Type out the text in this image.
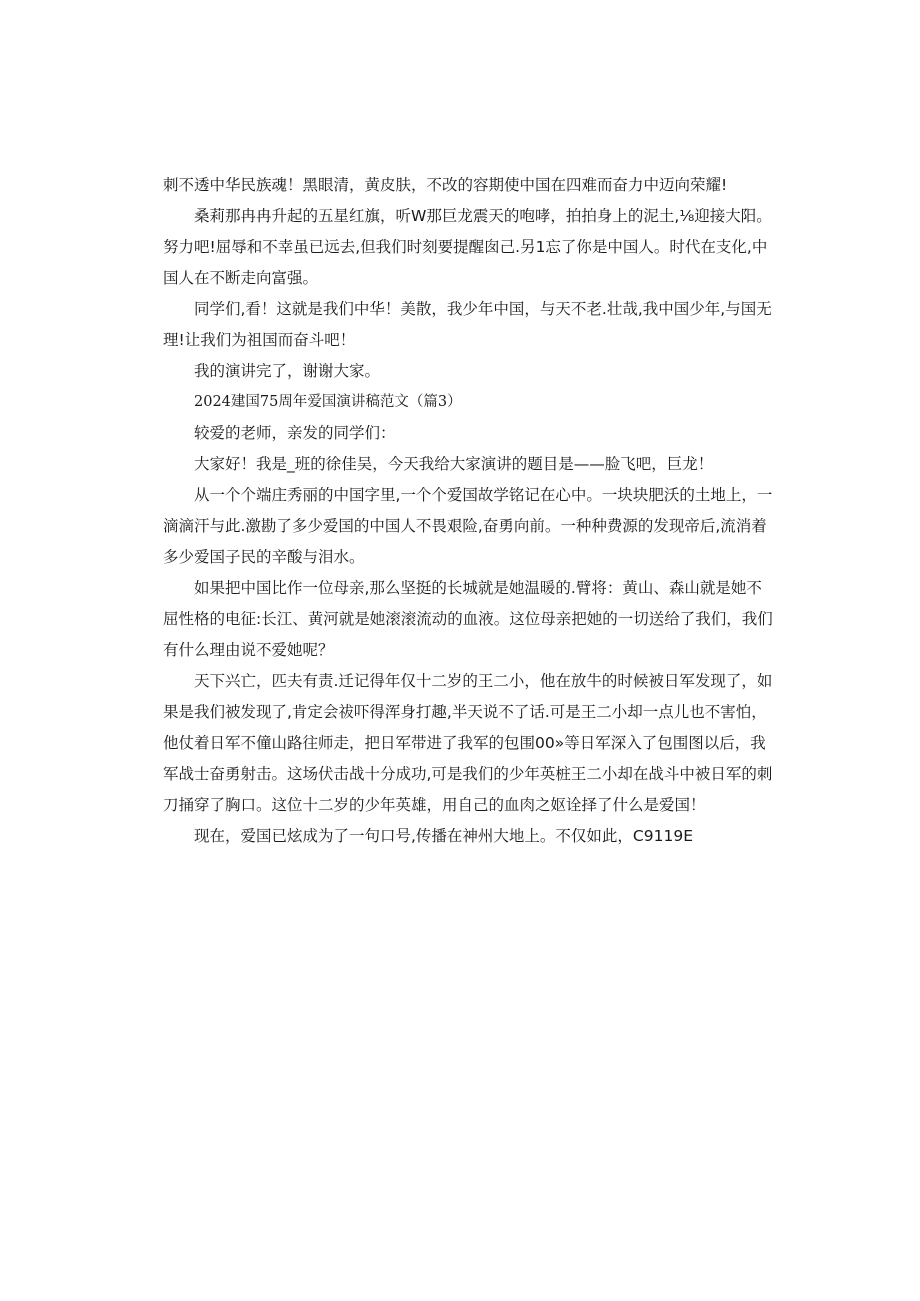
刺不透中华民族魂！黑眼清，黄皮肤，不改的容期使中国在四难而奋力中迈向荣耀!
桑莉那冉冉升起的五星红旗，听W那巨龙震天的咆哮，拍拍身上的泥土,⅛迎接大阳。
努力吧!屈辱和不幸虽已远去,但我们时刻要提醒囱己.另1忘了你是中国人。时代在支化,中
国人在不断走向富强。
同学们,看！这就是我们中华！美散，我少年中国，与天不老.壮哉,我中国少年,与国无
理!让我们为祖国而奋斗吧！
我的演讲完了，谢谢大家。
2024建国75周年爱国演讲稿范文（篇3）
较爱的老师，亲发的同学们：
大家好！我是_班的徐佳吴，今天我给大家演讲的题目是——脸飞吧，巨龙！
从一个个端庄秀丽的中国字里,一个个爱国故学铭记在心中。一块块肥沃的土地上，一
滴滴汗与此.激勘了多少爱国的中国人不畏艰险,奋勇向前。一种种费源的发现帝后,流消着
多少爱国子民的辛酸与泪水。
如果把中国比作一位母亲,那么坚挺的长城就是她温暖的.臂将：黄山、森山就是她不
屈性格的电征:长江、黄河就是她滚滚流动的血液。这位母亲把她的一切送给了我们，我们
有什么理由说不爱她呢？
天下兴亡，匹夫有责.迁记得年仅十二岁的王二小，他在放牛的时候被日军发现了，如
果是我们被发现了,肯定会祓吓得浑身打趣,半天说不了话.可是王二小却一点儿也不害怕，
他仗着日军不僮山路往师走，把日军带进了我军的包围00»等日军深入了包围图以后，我
军战士奋勇射击。这场伏击战十分成功,可是我们的少年英桩王二小却在战斗中被日军的刺
刀捅穿了胸口。这位十二岁的少年英雄，用自己的血肉之妪诠择了什么是爱国！
现在，爱国已炫成为了一句口号,传播在神州大地上。不仅如此，C9119E
